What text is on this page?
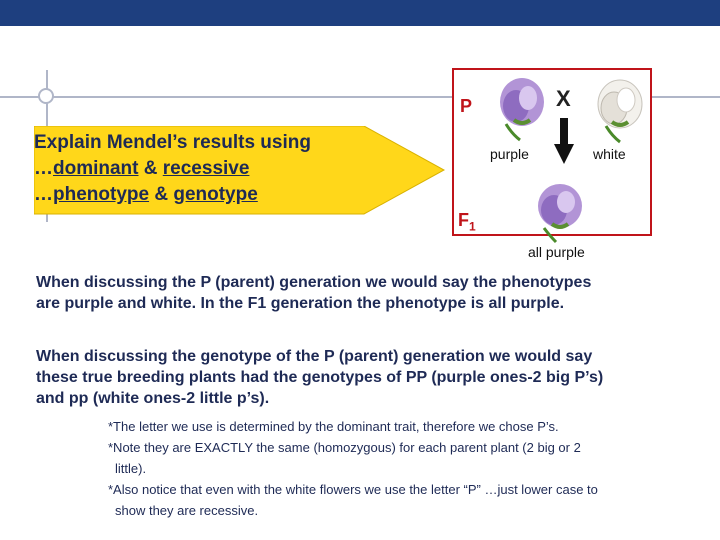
Explain Mendel’s results using
…dominant & recessive
…phenotype & genotype
P	X
purple	white
$F_1$
all purple
When discussing the P (parent) generation we would say the phenotypes
are purple and white. In the F1 generation the phenotype is all purple.
When discussing the genotype of the P (parent) generation we would say
these true breeding plants had the genotypes of PP (purple ones-2 big P’s)
and pp (white ones-2 little p’s).
*The letter we use is determined by the dominant trait, therefore we chose P’s.
*Note they are EXACTLY the same (homozygous) for each parent plant (2 big or 2
little).
*Also notice that even with the white flowers we use the letter “P” …just lower case to
show they are recessive.
